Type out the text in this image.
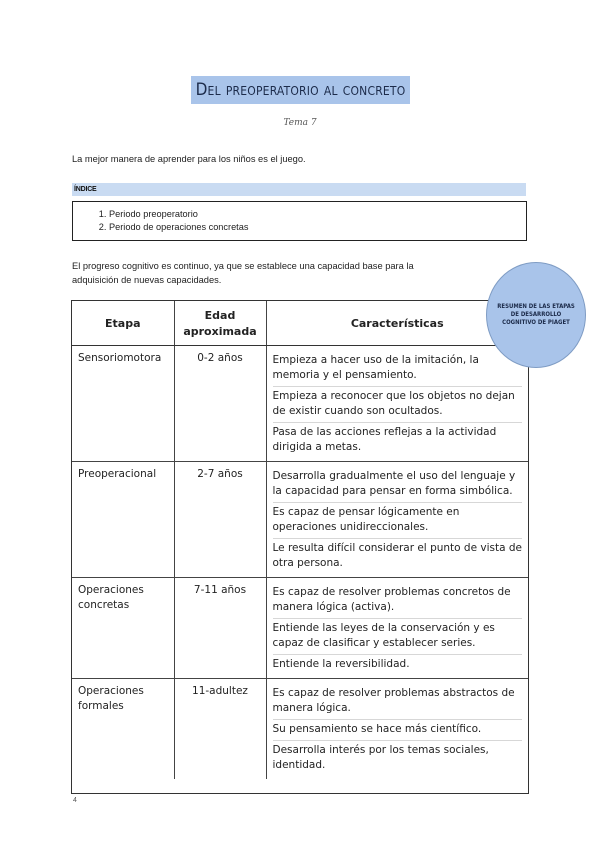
Del preoperatorio al concreto
Tema 7
La mejor manera de aprender para los niños es el juego.
ÍNDICE
1. Periodo preoperatorio
2. Periodo de operaciones concretas
El progreso cognitivo es continuo, ya que se establece una capacidad base para la
adquisición de nuevas capacidades.
RESUMEN DE LAS ETAPAS DE DESARROLLO COGNITIVO DE PIAGET
Etapa	Edad aproximada	Características
Sensoriomotora	0-2 años	Empieza a hacer uso de la imitación, la memoria y el pensamiento.
Empieza a reconocer que los objetos no dejan de existir cuando son ocultados.
Pasa de las acciones reflejas a la actividad dirigida a metas.

Preoperacional	2-7 años	Desarrolla gradualmente el uso del lenguaje y la capacidad para pensar en forma simbólica.
Es capaz de pensar lógicamente en operaciones unidireccionales.
Le resulta difícil considerar el punto de vista de otra persona.

Operaciones concretas	7-11 años	Es capaz de resolver problemas concretos de manera lógica (activa).
Entiende las leyes de la conservación y es capaz de clasificar y establecer series.
Entiende la reversibilidad.

Operaciones formales	11-adultez	Es capaz de resolver problemas abstractos de manera lógica.
Su pensamiento se hace más científico.
Desarrolla interés por los temas sociales, identidad.
4
